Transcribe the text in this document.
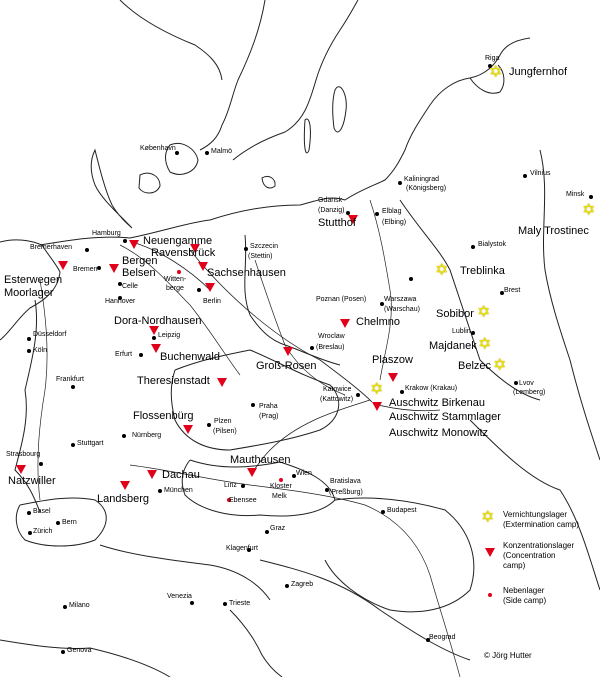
Riga
København	Malmö
Kaliningrad
(Königsberg)
Vilnius
Minsk
Gdansk
(Danzig)	Elblag
(Elbing)
Bialystok
Hamburg
Bremerhaven
Bremen
Celle
Hannover
Witten-
berge
Szczecin
(Stettin)
Berlin	Poznan (Posen)	Warszawa
(Warschau)
Brest
Lublin
Düsseldorf
Köln
Leipzig
Erfurt
Wroclaw
(Breslau)
Frankfurt
Katowice
(Kattowitz)
Krakow (Krakau)
Lvov
(Lemberg)
Plzen
(Pilsen)
Praha
(Prag)
Nürnberg
Stuttgart
Strasbourg
München
Linz
Wien
Kloster
Melk
Bratislava
(Preßburg)
Budapest
Basel
Bern
Zürich	Graz
Klagenfurt
Zagreb
Milano
Venezia
Trieste
Genova
Beograd
✡
✡
✡
✡
✡
✡
✡
Jungfernhof
Stutthof
Maly Trostinec
Neuengamme
Ravensbrück
Bergen
Belsen	Sachsenhausen
Esterwegen
Moorlager
Treblinka
Sobibor
Majdanek
Belzec
Chelmno
Dora-Nordhausen
Buchenwald
Groß-Rosen	Plaszow
Theresienstadt
Auschwitz Birkenau
Auschwitz Stammlager
Auschwitz Monowitz
Flossenbürg
Mauthausen
Dachau
Natzwiller
Landsberg	Ebensee
✡ Vernichtungslager
(Extermination camp)
Konzentrationslager
(Concentration
camp)
Nebenlager
(Side camp)
© Jörg Hutter
